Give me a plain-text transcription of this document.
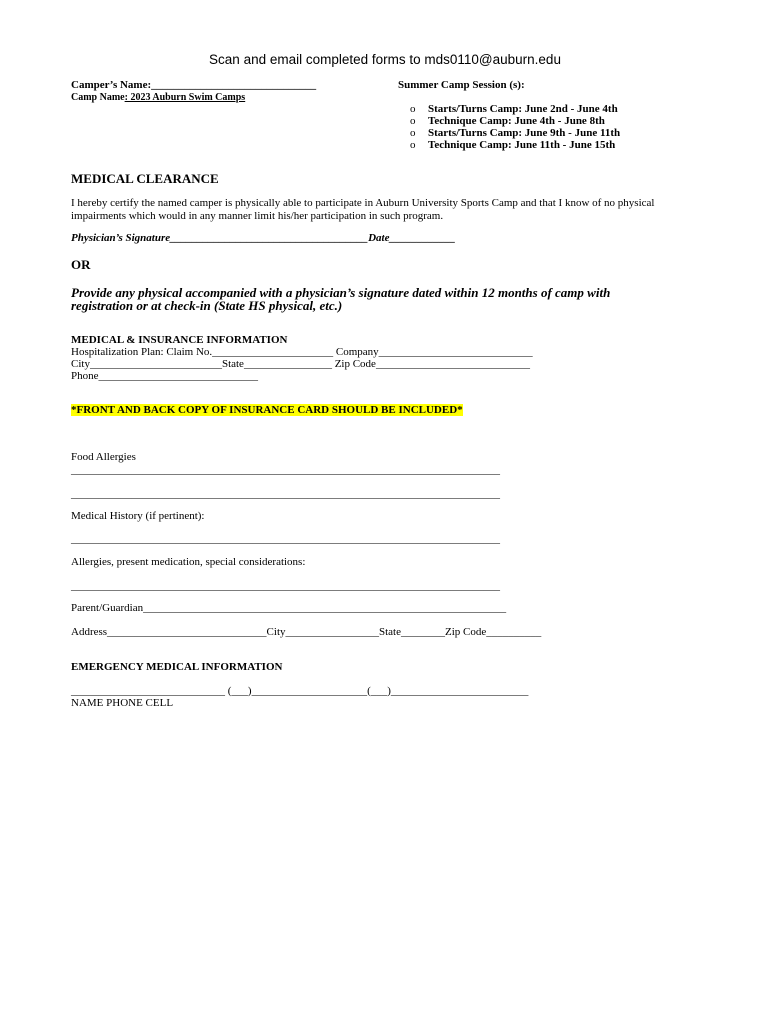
Scan and email completed forms to mds0110@auburn.edu
Camper’s Name:______________________________
Camp Name: 2023 Auburn Swim Camps
Summer Camp Session (s):
o Starts/Turns Camp: June 2nd - June 4th
o Technique Camp: June 4th - June 8th
o Starts/Turns Camp: June 9th - June 11th
o Technique Camp: June 11th - June 15th
MEDICAL CLEARANCE
I hereby certify the named camper is physically able to participate in Auburn University Sports Camp and that I know of no physical impairments which would in any manner limit his/her participation in such program.
Physician’s Signature____________________________________Date____________
OR
Provide any physical accompanied with a physician’s signature dated within 12 months of camp with
registration or at check-in (State HS physical, etc.)
MEDICAL & INSURANCE INFORMATION
Hospitalization Plan: Claim No.______________________ Company____________________________
City________________________State________________ Zip Code____________________________
Phone_____________________________
*FRONT AND BACK COPY OF INSURANCE CARD SHOULD BE INCLUDED*
Food Allergies
______________________________________________________________________________
______________________________________________________________________________
Medical History (if pertinent):
______________________________________________________________________________
Allergies, present medication, special considerations:
______________________________________________________________________________
Parent/Guardian__________________________________________________________________
Address_____________________________City_________________State________Zip Code__________
EMERGENCY MEDICAL INFORMATION
____________________________ (___)_____________________(___)_________________________
NAME PHONE CELL
